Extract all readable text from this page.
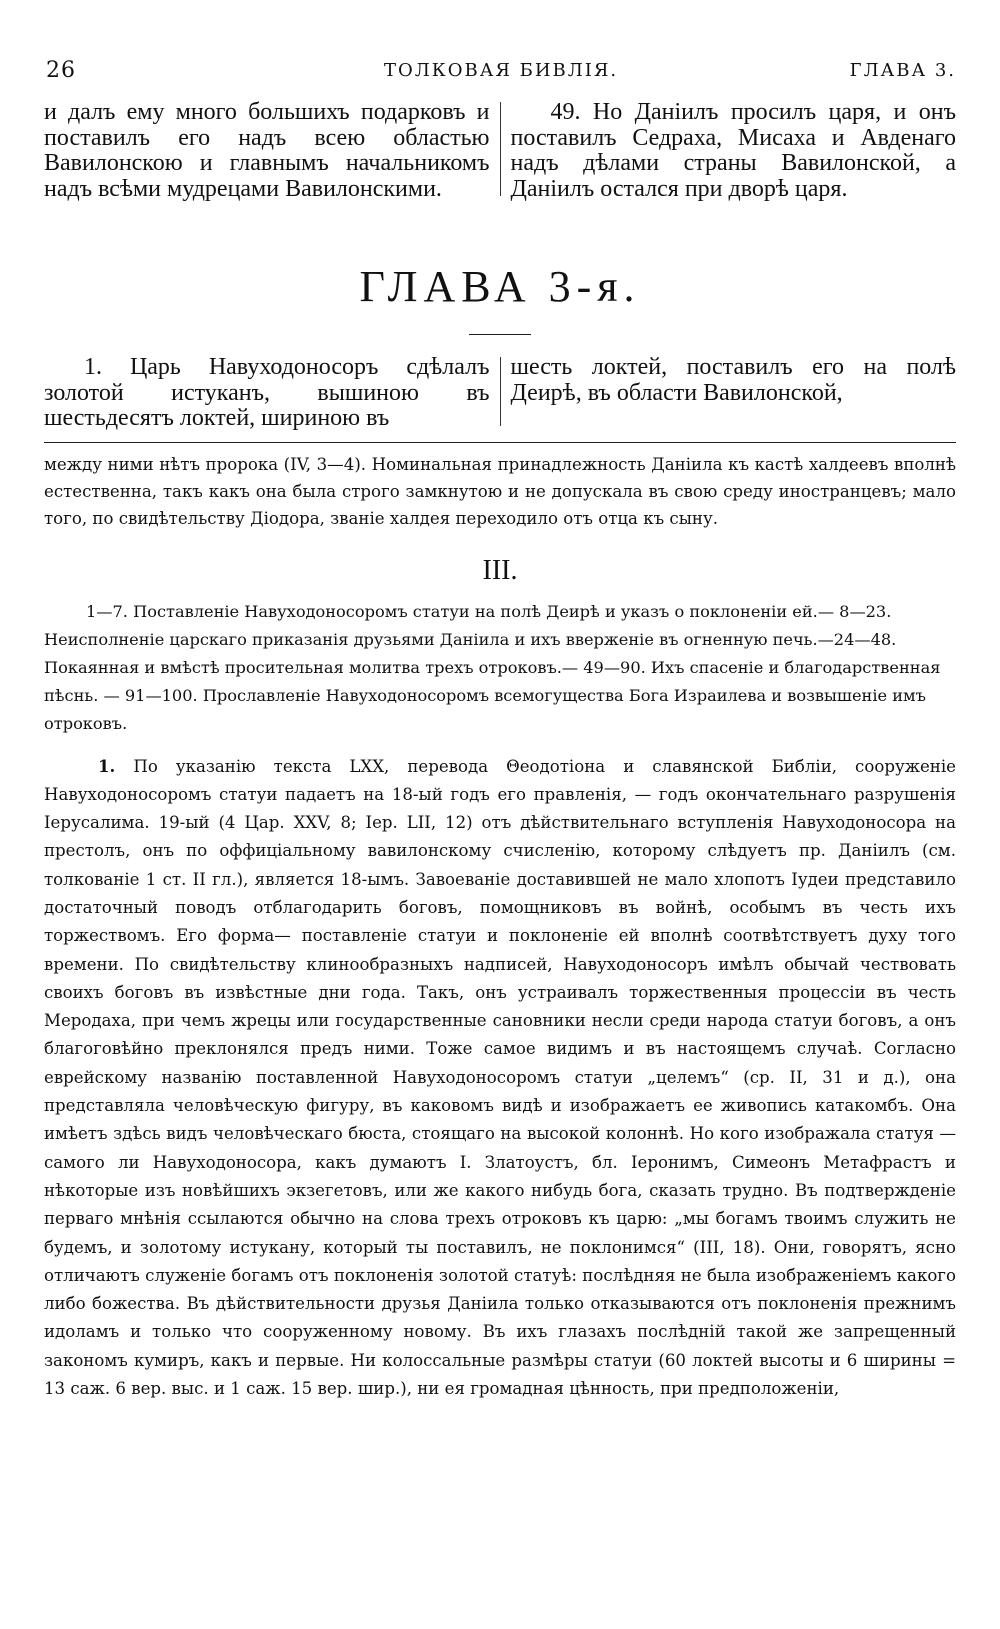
26	ТОЛКОВАЯ БИВЛІЯ.	ГЛАВА 3.

и далъ ему много большихъ подарковъ и поставилъ его надъ всею областью Вавилонскою и главнымъ начальникомъ надъ всѣми мудрецами Вавилонскими.

49. Но Даніилъ просилъ царя, и онъ поставилъ Седраха, Мисаха и Авденаго надъ дѣлами страны Вавилонской, а Даніилъ остался при дворѣ царя.

ГЛАВА 3-я.

1. Царь Навуходоносоръ сдѣлалъ золотой истуканъ, вышиною въ шестьдесятъ локтей, шириною въ

шесть локтей, поставилъ его на полѣ Деирѣ, въ области Вавилонской,

между ними нѣтъ пророка (IV, 3—4). Номинальная принадлежность Даніила къ кастѣ халдеевъ вполнѣ естественна, такъ какъ она была строго замкнутою и не допускала въ свою среду иностранцевъ; мало того, по свидѣтельству Діодора, званіе халдея переходило отъ отца къ сыну.

III.

1—7. Поставленіе Навуходоносоромъ статуи на полѣ Деирѣ и указъ о поклоненіи ей.— 8—23. Неисполненіе царскаго приказанія друзьями Даніила и ихъ вверженіе въ огненную печь.—24—48. Покаянная и вмѣстѣ просительная молитва трехъ отроковъ.— 49—90. Ихъ спасеніе и благодарственная пѣснь. — 91—100. Прославленіе Навуходоносоромъ всемогущества Бога Израилева и возвышеніе имъ отроковъ.

1. По указанію текста LXX, перевода Θеодотіона и славянской Библіи, сооруженіе Навуходоносоромъ статуи падаетъ на 18-ый годъ его правленія, — годъ окончательнаго разрушенія Іерусалима. 19-ый (4 Цар. XXV, 8; Іер. LII, 12) отъ дѣйствительнаго вступленія Навуходоносора на престолъ, онъ по оффиціальному вавилонскому счисленію, которому слѣдуетъ пр. Даніилъ (см. толкованіе 1 ст. II гл.), является 18-ымъ. Завоеваніе доставившей не мало хлопотъ Іудеи представило достаточный поводъ отблагодарить боговъ, помощниковъ въ войнѣ, особымъ въ честь ихъ торжествомъ. Его форма— поставленіе статуи и поклоненіе ей вполнѣ соотвѣтствуетъ духу того времени. По свидѣтельству клинообразныхъ надписей, Навуходоносоръ имѣлъ обычай чествовать своихъ боговъ въ извѣстные дни года. Такъ, онъ устраивалъ торжественныя процессіи въ честь Меродаха, при чемъ жрецы или государственные сановники несли среди народа статуи боговъ, а онъ благоговѣйно преклонялся предъ ними. Тоже самое видимъ и въ настоящемъ случаѣ. Согласно еврейскому названію поставленной Навуходоносоромъ статуи „целемъ“ (ср. II, 31 и д.), она представляла человѣческую фигуру, въ каковомъ видѣ и изображаетъ ее живопись катакомбъ. Она имѣетъ здѣсь видъ человѣческаго бюста, стоящаго на высокой колоннѣ. Но кого изображала статуя — самого ли Навуходоносора, какъ думаютъ І. Златоустъ, бл. Іеронимъ, Симеонъ Метафрастъ и нѣкоторые изъ новѣйшихъ экзегетовъ, или же какого нибудь бога, сказать трудно. Въ подтвержденіе перваго мнѣнія ссылаются обычно на слова трехъ отроковъ къ царю: „мы богамъ твоимъ служить не будемъ, и золотому истукану, который ты поставилъ, не поклонимся“ (III, 18). Они, говорятъ, ясно отличаютъ служеніе богамъ отъ поклоненія золотой статуѣ: послѣдняя не была изображеніемъ какого либо божества. Въ дѣйствительности друзья Даніила только отказываются отъ поклоненія прежнимъ идоламъ и только что сооруженному новому. Въ ихъ глазахъ послѣдній такой же запрещенный закономъ кумиръ, какъ и первые. Ни колоссальные размѣры статуи (60 локтей высоты и 6 ширины = 13 саж. 6 вер. выс. и 1 саж. 15 вер. шир.), ни ея громадная цѣнность, при предположеніи,
